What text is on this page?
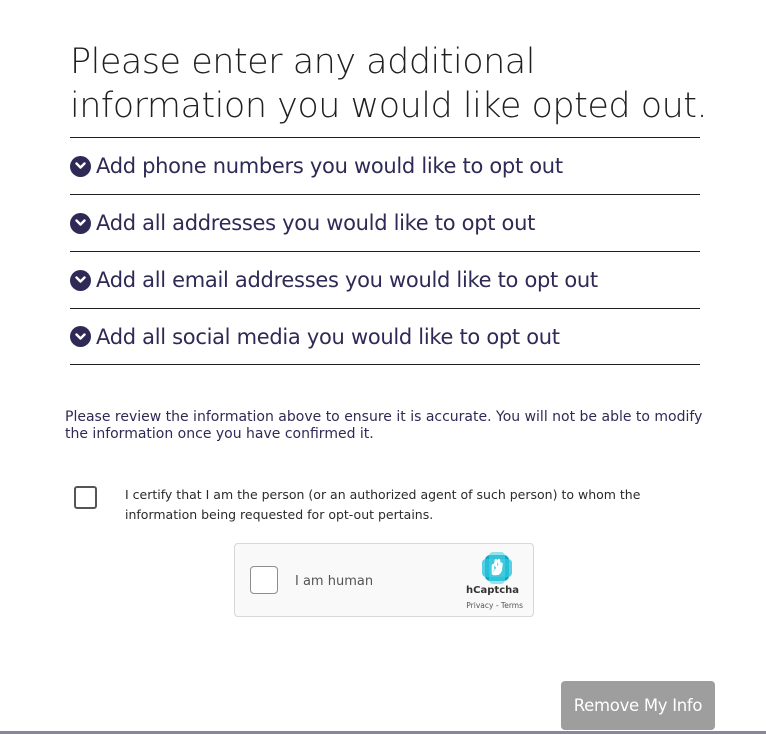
Please enter any additional information you would like opted out.
Add phone numbers you would like to opt out
Add all addresses you would like to opt out
Add all email addresses you would like to opt out
Add all social media you would like to opt out

Please review the information above to ensure it is accurate. You will not be able to modify the information once you have confirmed it.

I certify that I am the person (or an authorized agent of such person) to whom the information being requested for opt-out pertains.

I am human
hCaptcha
Privacy - Terms
Remove My Info
